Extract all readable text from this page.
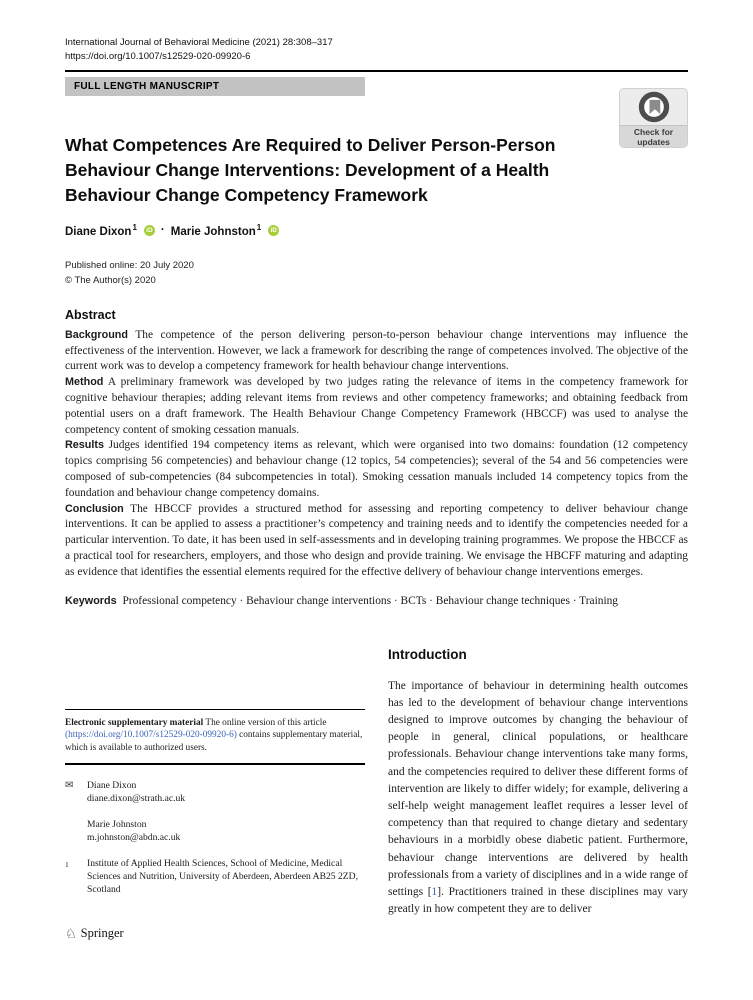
International Journal of Behavioral Medicine (2021) 28:308–317
https://doi.org/10.1007/s12529-020-09920-6
FULL LENGTH MANUSCRIPT
Check for
updates
What Competences Are Required to Deliver Person-Person Behaviour Change Interventions: Development of a Health Behaviour Change Competency Framework
Diane Dixon$^1$	iD · Marie Johnston$^1$	iD
Published online: 20 July 2020
© The Author(s) 2020
Abstract

Background The competence of the person delivering person-to-person behaviour change interventions may influence the effectiveness of the intervention. However, we lack a framework for describing the range of competences involved. The objective of the current work was to develop a competency framework for health behaviour change interventions.

Method A preliminary framework was developed by two judges rating the relevance of items in the competency framework for cognitive behaviour therapies; adding relevant items from reviews and other competency frameworks; and obtaining feedback from potential users on a draft framework. The Health Behaviour Change Competency Framework (HBCCF) was used to analyse the competency content of smoking cessation manuals.

Results Judges identified 194 competency items as relevant, which were organised into two domains: foundation (12 competency topics comprising 56 competencies) and behaviour change (12 topics, 54 competencies); several of the 54 and 56 competencies were composed of sub-competencies (84 subcompetencies in total). Smoking cessation manuals included 14 competency topics from the foundation and behaviour change competency domains.

Conclusion The HBCCF provides a structured method for assessing and reporting competency to deliver behaviour change interventions. It can be applied to assess a practitioner’s competency and training needs and to identify the competencies needed for a particular intervention. To date, it has been used in self-assessments and in developing training programmes. We propose the HBCCF as a practical tool for researchers, employers, and those who design and provide training. We envisage the HBCFF maturing and adapting as evidence that identifies the essential elements required for the effective delivery of behaviour change interventions emerges.

Keywords Professional competency · Behaviour change interventions · BCTs · Behaviour change techniques · Training
Electronic supplementary material The online version of this article (https://doi.org/10.1007/s12529-020-09920-6) contains supplementary material, which is available to authorized users.
✉	Diane Dixon
diane.dixon@strath.ac.uk
Marie Johnston
m.johnston@abdn.ac.uk
1	Institute of Applied Health Sciences, School of Medicine, Medical Sciences and Nutrition, University of Aberdeen, Aberdeen AB25 2ZD, Scotland
Introduction

The importance of behaviour in determining health outcomes has led to the development of behaviour change interventions designed to improve outcomes by changing the behaviour of people in general, clinical populations, or healthcare professionals. Behaviour change interventions take many forms, and the competencies required to deliver these different forms of intervention are likely to differ widely; for example, delivering a self-help weight management leaflet requires a lesser level of competency than that required to change dietary and sedentary behaviours in a morbidly obese diabetic patient. Furthermore, behaviour change interventions are delivered by health professionals from a variety of disciplines and in a wide range of settings [1]. Practitioners trained in these disciplines may vary greatly in how competent they are to deliver

♘ Springer
